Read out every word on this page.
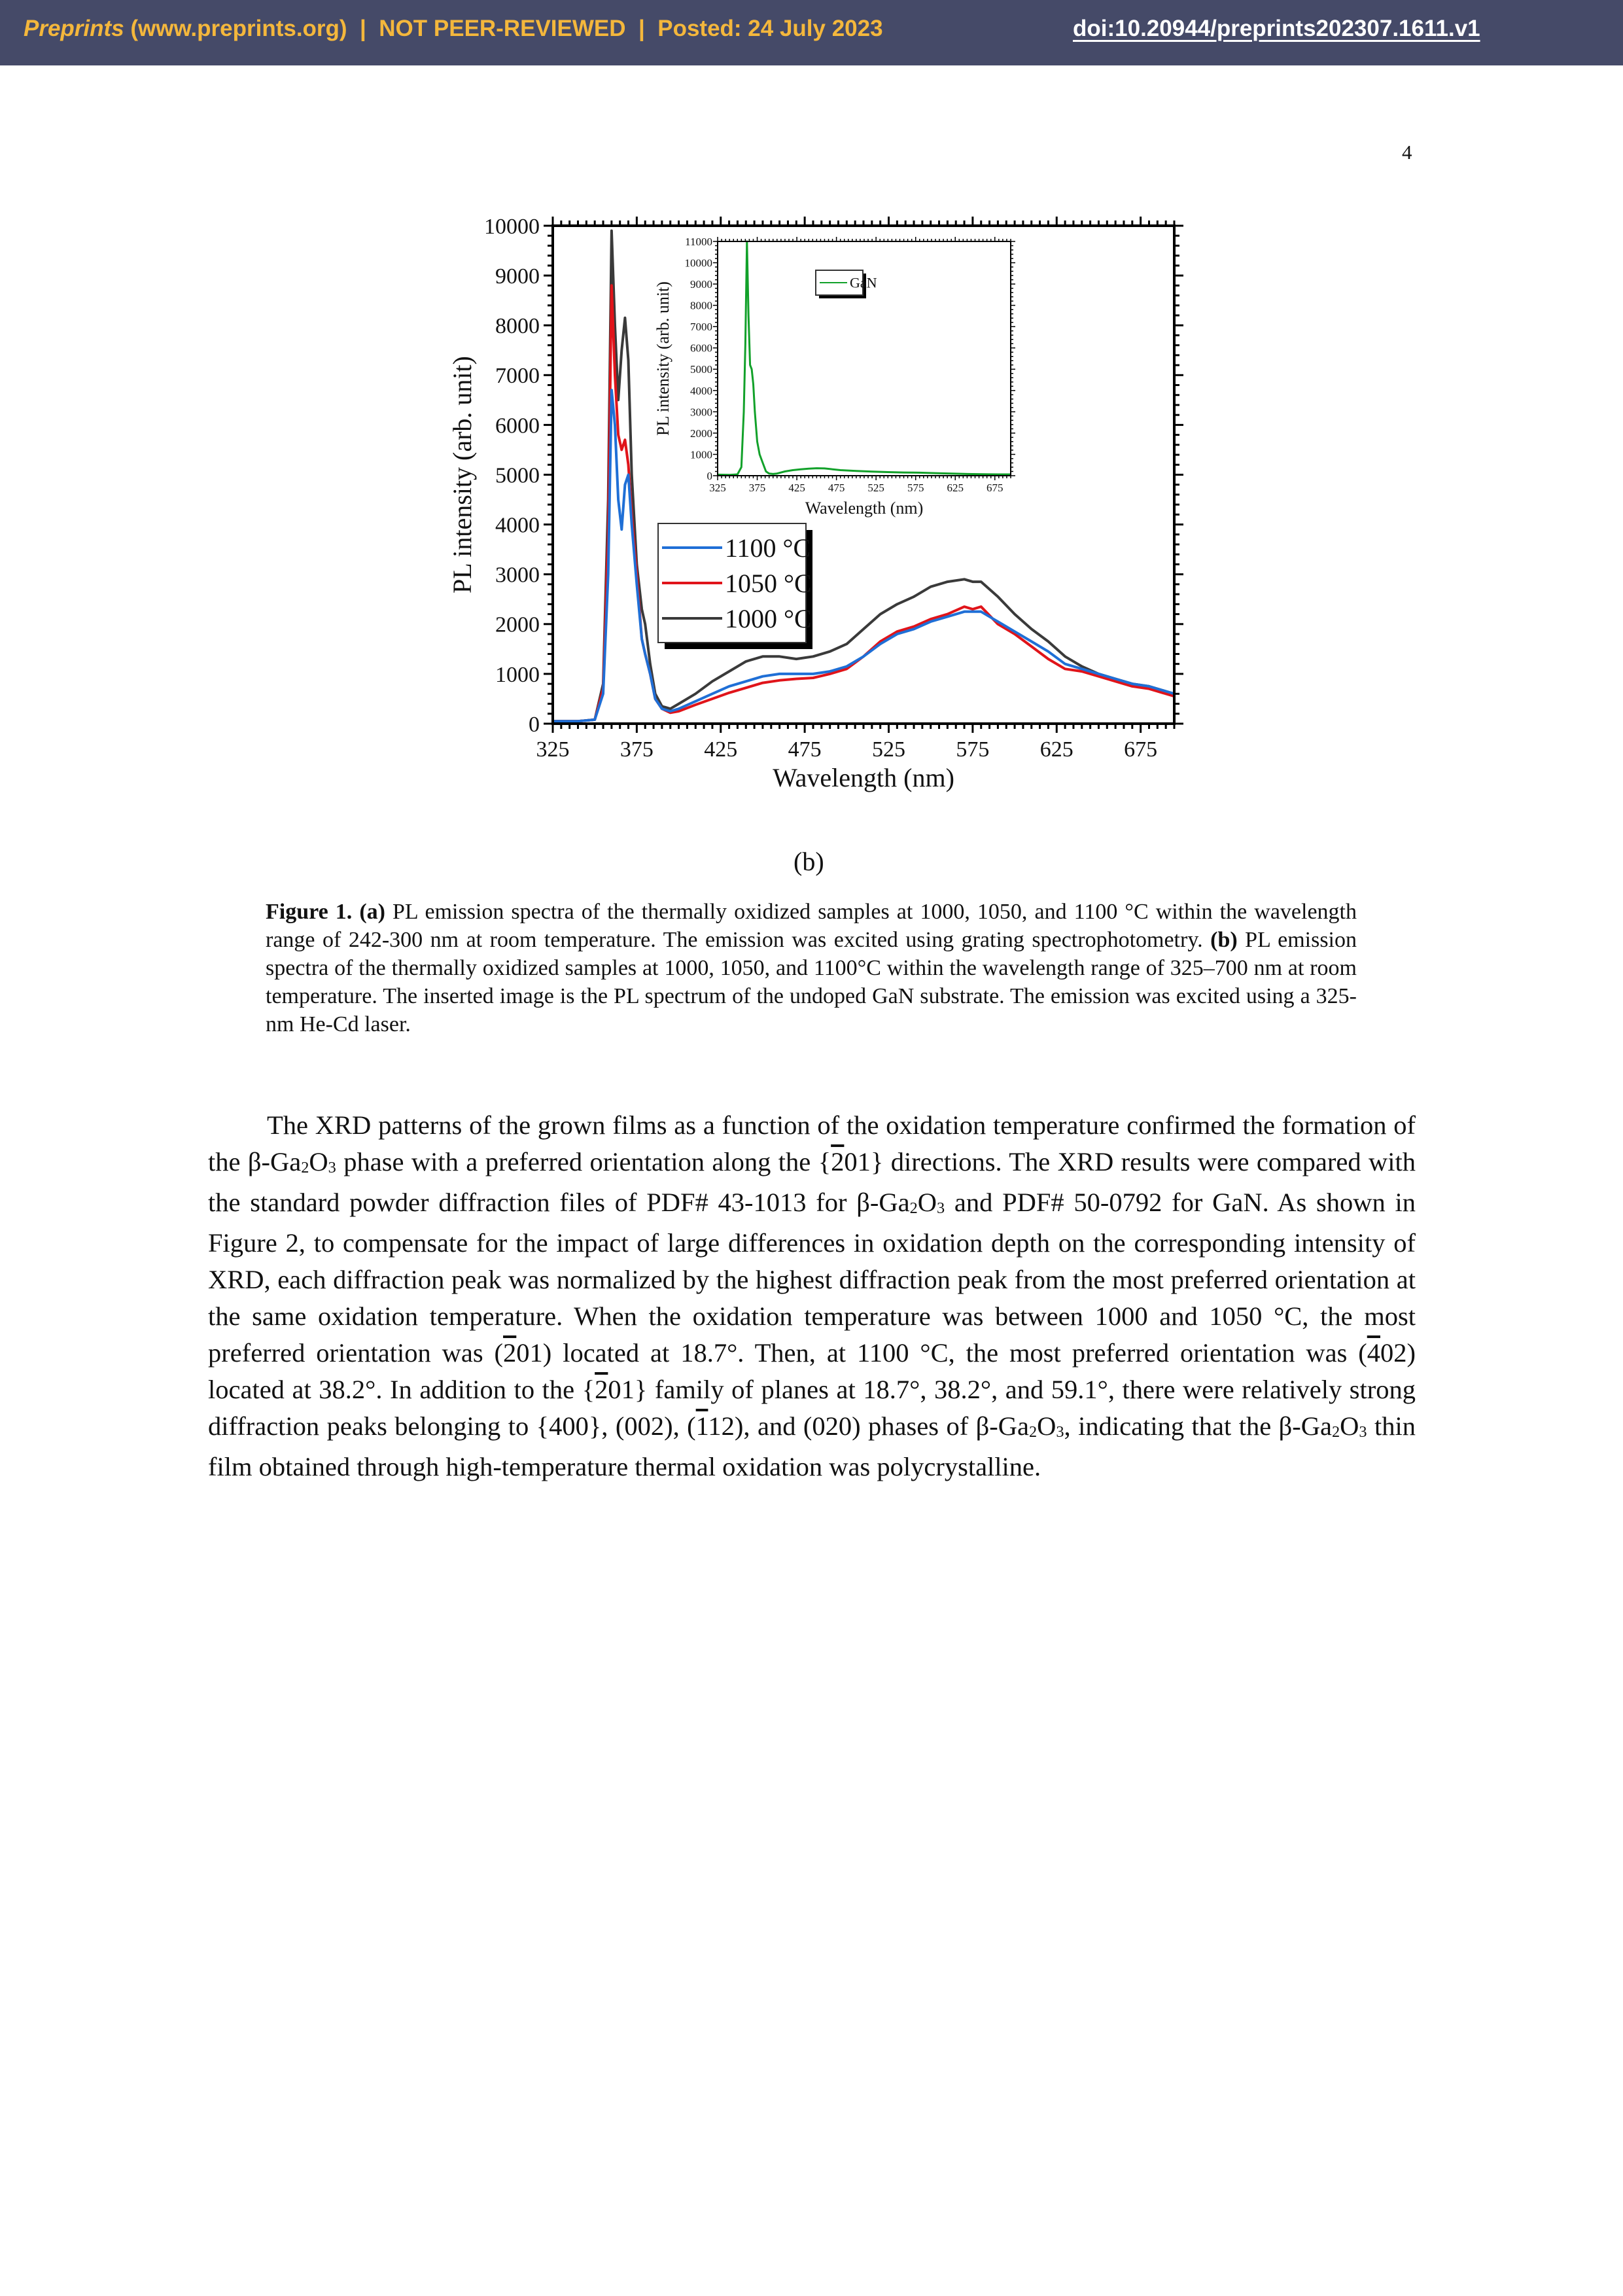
Preprints (www.preprints.org)  |  NOT PEER-REVIEWED  |  Posted: 24 July 2023	doi:10.20944/preprints202307.1611.v1
4
325 375 425 475 525 575 625 675
0
1000
2000
3000
4000
5000
6000
7000
8000
9000
10000
Wavelength (nm)
PL intensity (arb. unit)	1100 °C
1050 °C
1000 °C
325 375 425 475 525 575 625 675
0
1000
2000
3000
4000
5000
6000
7000
8000
9000
10000
11000
Wavelength (nm)
PL intensity (arb. unit)	GaN
(b)
Figure 1. (a) PL emission spectra of the thermally oxidized samples at 1000, 1050, and 1100 °C within the wavelength range of 242-300 nm at room temperature. The emission was excited using grating spectrophotometry. (b) PL emission spectra of the thermally oxidized samples at 1000, 1050, and 1100°C within the wavelength range of 325–700 nm at room temperature. The inserted image is the PL spectrum of the undoped GaN substrate. The emission was excited using a 325-nm He-Cd laser.

The XRD patterns of the grown films as a function of the oxidation temperature confirmed the formation of the $\beta-Ga_2O_3$ phase with a preferred orientation along the {201} directions. The XRD results were compared with the standard powder diffraction files of PDF# 43-1013 for $\beta-Ga_2O_3$ and PDF# 50-0792 for GaN. As shown in Figure 2, to compensate for the impact of large differences in oxidation depth on the corresponding intensity of XRD, each diffraction peak was normalized by the highest diffraction peak from the most preferred orientation at the same oxidation temperature. When the oxidation temperature was between 1000 and 1050 °C, the most preferred orientation was (201) located at 18.7°. Then, at 1100 °C, the most preferred orientation was (402) located at 38.2°. In addition to the {201} family of planes at 18.7°, 38.2°, and 59.1°, there were relatively strong diffraction peaks belonging to {400}, (002), (112), and (020) phases of $\beta-Ga_2O_3$, indicating that the $\beta-Ga_2O_3$ thin film obtained through high-temperature thermal oxidation was polycrystalline.
